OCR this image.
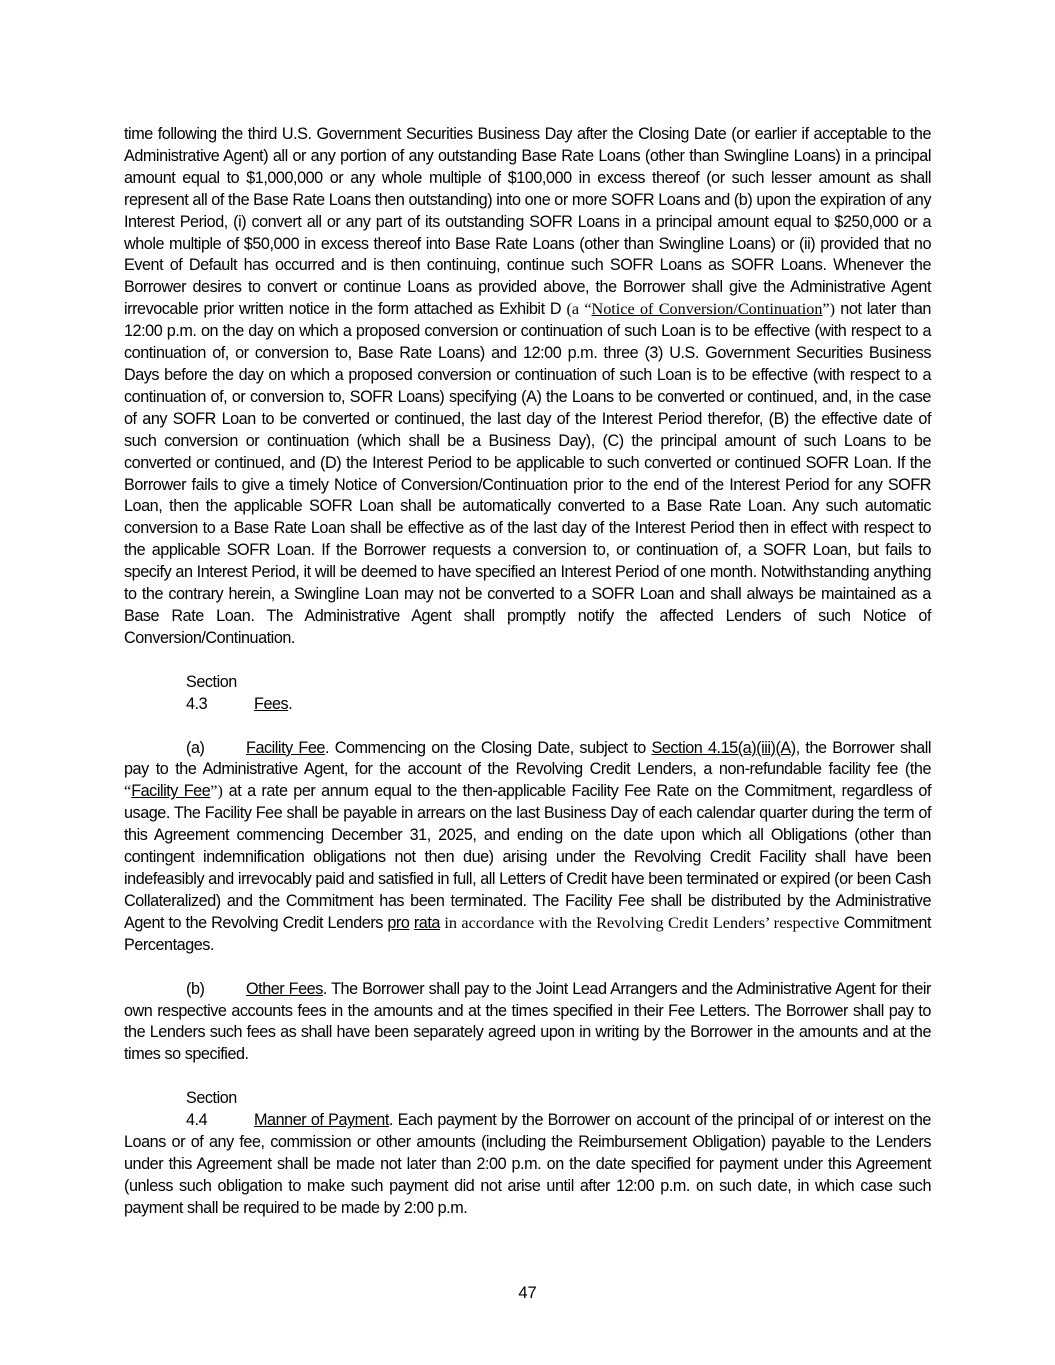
time following the third U.S. Government Securities Business Day after the Closing Date (or earlier if acceptable to the Administrative Agent) all or any portion of any outstanding Base Rate Loans (other than Swingline Loans) in a principal amount equal to $1,000,000 or any whole multiple of $100,000 in excess thereof (or such lesser amount as shall represent all of the Base Rate Loans then outstanding) into one or more SOFR Loans and (b) upon the expiration of any Interest Period, (i) convert all or any part of its outstanding SOFR Loans in a principal amount equal to $250,000 or a whole multiple of $50,000 in excess thereof into Base Rate Loans (other than Swingline Loans) or (ii) provided that no Event of Default has occurred and is then continuing, continue such SOFR Loans as SOFR Loans. Whenever the Borrower desires to convert or continue Loans as provided above, the Borrower shall give the Administrative Agent irrevocable prior written notice in the form attached as Exhibit D (a “Notice of Conversion/Continuation”) not later than 12:00 p.m. on the day on which a proposed conversion or continuation of such Loan is to be effective (with respect to a continuation of, or conversion to, Base Rate Loans) and 12:00 p.m. three (3) U.S. Government Securities Business Days before the day on which a proposed conversion or continuation of such Loan is to be effective (with respect to a continuation of, or conversion to, SOFR Loans) specifying (A) the Loans to be converted or continued, and, in the case of any SOFR Loan to be converted or continued, the last day of the Interest Period therefor, (B) the effective date of such conversion or continuation (which shall be a Business Day), (C) the principal amount of such Loans to be converted or continued, and (D) the Interest Period to be applicable to such converted or continued SOFR Loan. If the Borrower fails to give a timely Notice of Conversion/Continuation prior to the end of the Interest Period for any SOFR Loan, then the applicable SOFR Loan shall be automatically converted to a Base Rate Loan. Any such automatic conversion to a Base Rate Loan shall be effective as of the last day of the Interest Period then in effect with respect to the applicable SOFR Loan. If the Borrower requests a conversion to, or continuation of, a SOFR Loan, but fails to specify an Interest Period, it will be deemed to have specified an Interest Period of one month. Notwithstanding anything to the contrary herein, a Swingline Loan may not be converted to a SOFR Loan and shall always be maintained as a Base Rate Loan. The Administrative Agent shall promptly notify the affected Lenders of such Notice of Conversion/Continuation.

Section 4.3	Fees.

(a)	Facility Fee. Commencing on the Closing Date, subject to Section 4.15(a)(iii)(A), the Borrower shall pay to the Administrative Agent, for the account of the Revolving Credit Lenders, a non-refundable facility fee (the “Facility Fee”) at a rate per annum equal to the then-applicable Facility Fee Rate on the Commitment, regardless of usage. The Facility Fee shall be payable in arrears on the last Business Day of each calendar quarter during the term of this Agreement commencing December 31, 2025, and ending on the date upon which all Obligations (other than contingent indemnification obligations not then due) arising under the Revolving Credit Facility shall have been indefeasibly and irrevocably paid and satisfied in full, all Letters of Credit have been terminated or expired (or been Cash Collateralized) and the Commitment has been terminated. The Facility Fee shall be distributed by the Administrative Agent to the Revolving Credit Lenders pro rata in accordance with the Revolving Credit Lenders’ respective Commitment Percentages.

(b)	Other Fees. The Borrower shall pay to the Joint Lead Arrangers and the Administrative Agent for their own respective accounts fees in the amounts and at the times specified in their Fee Letters. The Borrower shall pay to the Lenders such fees as shall have been separately agreed upon in writing by the Borrower in the amounts and at the times so specified.

Section 4.4	Manner of Payment. Each payment by the Borrower on account of the principal of or interest on the Loans or of any fee, commission or other amounts (including the Reimbursement Obligation) payable to the Lenders under this Agreement shall be made not later than 2:00 p.m. on the date specified for payment under this Agreement (unless such obligation to make such payment did not arise until after 12:00 p.m. on such date, in which case such payment shall be required to be made by 2:00 p.m.

47
